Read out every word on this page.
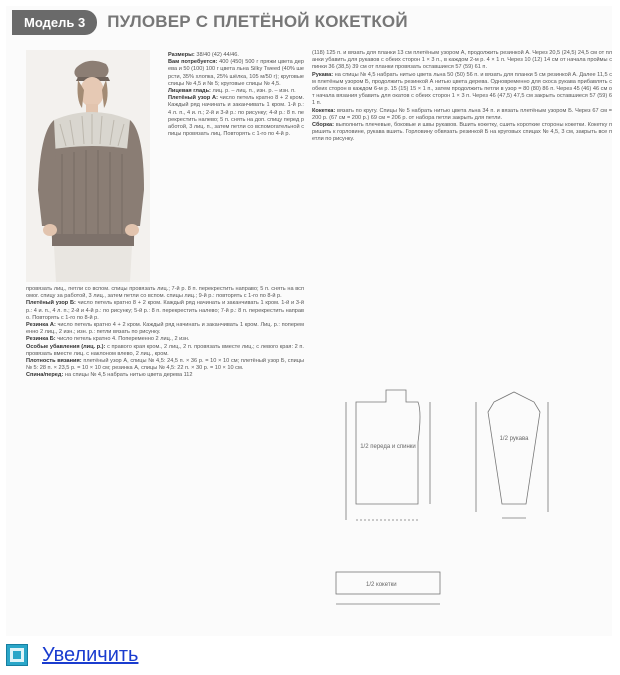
Модель 3	ПУЛОВЕР С ПЛЕТЁНОЙ КОКЕТКОЙ
Размеры: 38/40 (42) 44/46.
Вам потребуется: 400 (450) 500 г пряжи цвета дерева и 50 (100) 100 г цвета льна Silky Tweed (40% шерсти, 35% хлопка, 25% шёлка, 105 м/50 г); круговые спицы № 4,5 и № 5; круговые спицы № 4,5.
Лицевая гладь: лиц. р. – лиц. п., изн. р. – изн. п.
Плетёный узор А: число петель кратно 8 + 2 кром. Каждый ряд начинать и заканчивать 1 кром. 1-й р.: 4 л. п., 4 и. п.; 2-й и 3-й р.: по рисунку; 4-й р.: 8 п. перекрестить налево; 5 п. снять на доп. спицу перед работой, 3 лиц. п., затем петли со вспомогательной спицы провязать лиц. Повторять с 1-го по 4-й р.
провязать лиц., петли со вспом. спицы провязать лиц.; 7-й р. 8 п. перекрестить направо; 5 п. снять на вспомог. спицу за работой, 3 лиц., затем петли со вспом. спицы лиц.; 9-й р.: повторять с 1-го по 8-й р.
Плетёный узор Б: число петель кратно 8 + 2 кром. Каждый ряд начинать и заканчивать 1 кром. 1-й и 3-й р.: 4 и. п., 4 л. п.; 2-й и 4-й р.: по рисунку; 5-й р.: 8 п. перекрестить налево; 7-й р.: 8 п. перекрестить направо. Повторять с 1-го по 8-й р.
Резинка А: число петель кратно 4 + 2 кром. Каждый ряд начинать и заканчивать 1 кром. Лиц. р.: попеременно 2 лиц., 2 изн.; изн. р.: петли вязать по рисунку.
Резинка Б: число петель кратно 4. Попеременно 2 лиц., 2 изн.
Особые убавления (лиц. р.): с правого края кром., 2 лиц., 2 п. провязать вместе лиц.; с левого края: 2 п. провязать вместе лиц. с наклоном влево, 2 лиц., кром.
Плотность вязания: плетёный узор А, спицы № 4,5: 24,5 п. × 36 р. = 10 × 10 см; плетёный узор Б, спицы № 5: 28 п. × 23,5 р. = 10 × 10 см; резинка А, спицы № 4,5: 22 п. × 30 р. = 10 × 10 см.
Спина/перед: на спицы № 4,5 набрать нитью цвета дерева 112
(118) 125 п. и вязать для планки 13 см плетёным узором А, продолжить резинкой А. Через 20,5 (24,5) 24,5 см от планки убавить для рукавов с обеих сторон 1 × 3 п., в каждом 2-м р. 4 × 1 п. Через 10 (12) 14 см от начала проймы спинки 36 (38,5) 39 см от планки провязать оставшиеся 57 (59) 61 п.
Рукава: на спицы № 4,5 набрать нитью цвета льна 50 (50) 56 п. и вязать для планки 5 см резинкой А. Далее 11,5 см плетёным узором Б, продолжить резинкой А нитью цвета дерева. Одновременно для скоса рукава прибавлять с обеих сторон в каждом 6-м р. 15 (15) 15 × 1 п., затем продолжить петли в узор = 80 (80) 86 п. Через 45 (46) 46 см от начала вязания убавить для окатов с обеих сторон 1 × 3 п. Через 46 (47,5) 47,5 см закрыть оставшиеся 57 (59) 61 п.
Кокетка: вязать по кругу. Спицы № 5 набрать нитью цвета льна 34 п. и вязать плетёным узором Б. Через 67 см = 200 р. (67 см = 200 р.) 69 см = 206 р. от набора петли закрыть для петли.
Сборка: выполнить плечевые, боковые и швы рукавов. Вшить кокетку, сшить короткие стороны кокетки. Кокетку пришить к горловине, рукава вшить. Горловину обвязать резинкой Б на круговых спицах № 4,5, 3 см, закрыть все петли по рисунку.
1/2 переда и спинки
1/2 рукава
1/2 кокетки
Увеличить
